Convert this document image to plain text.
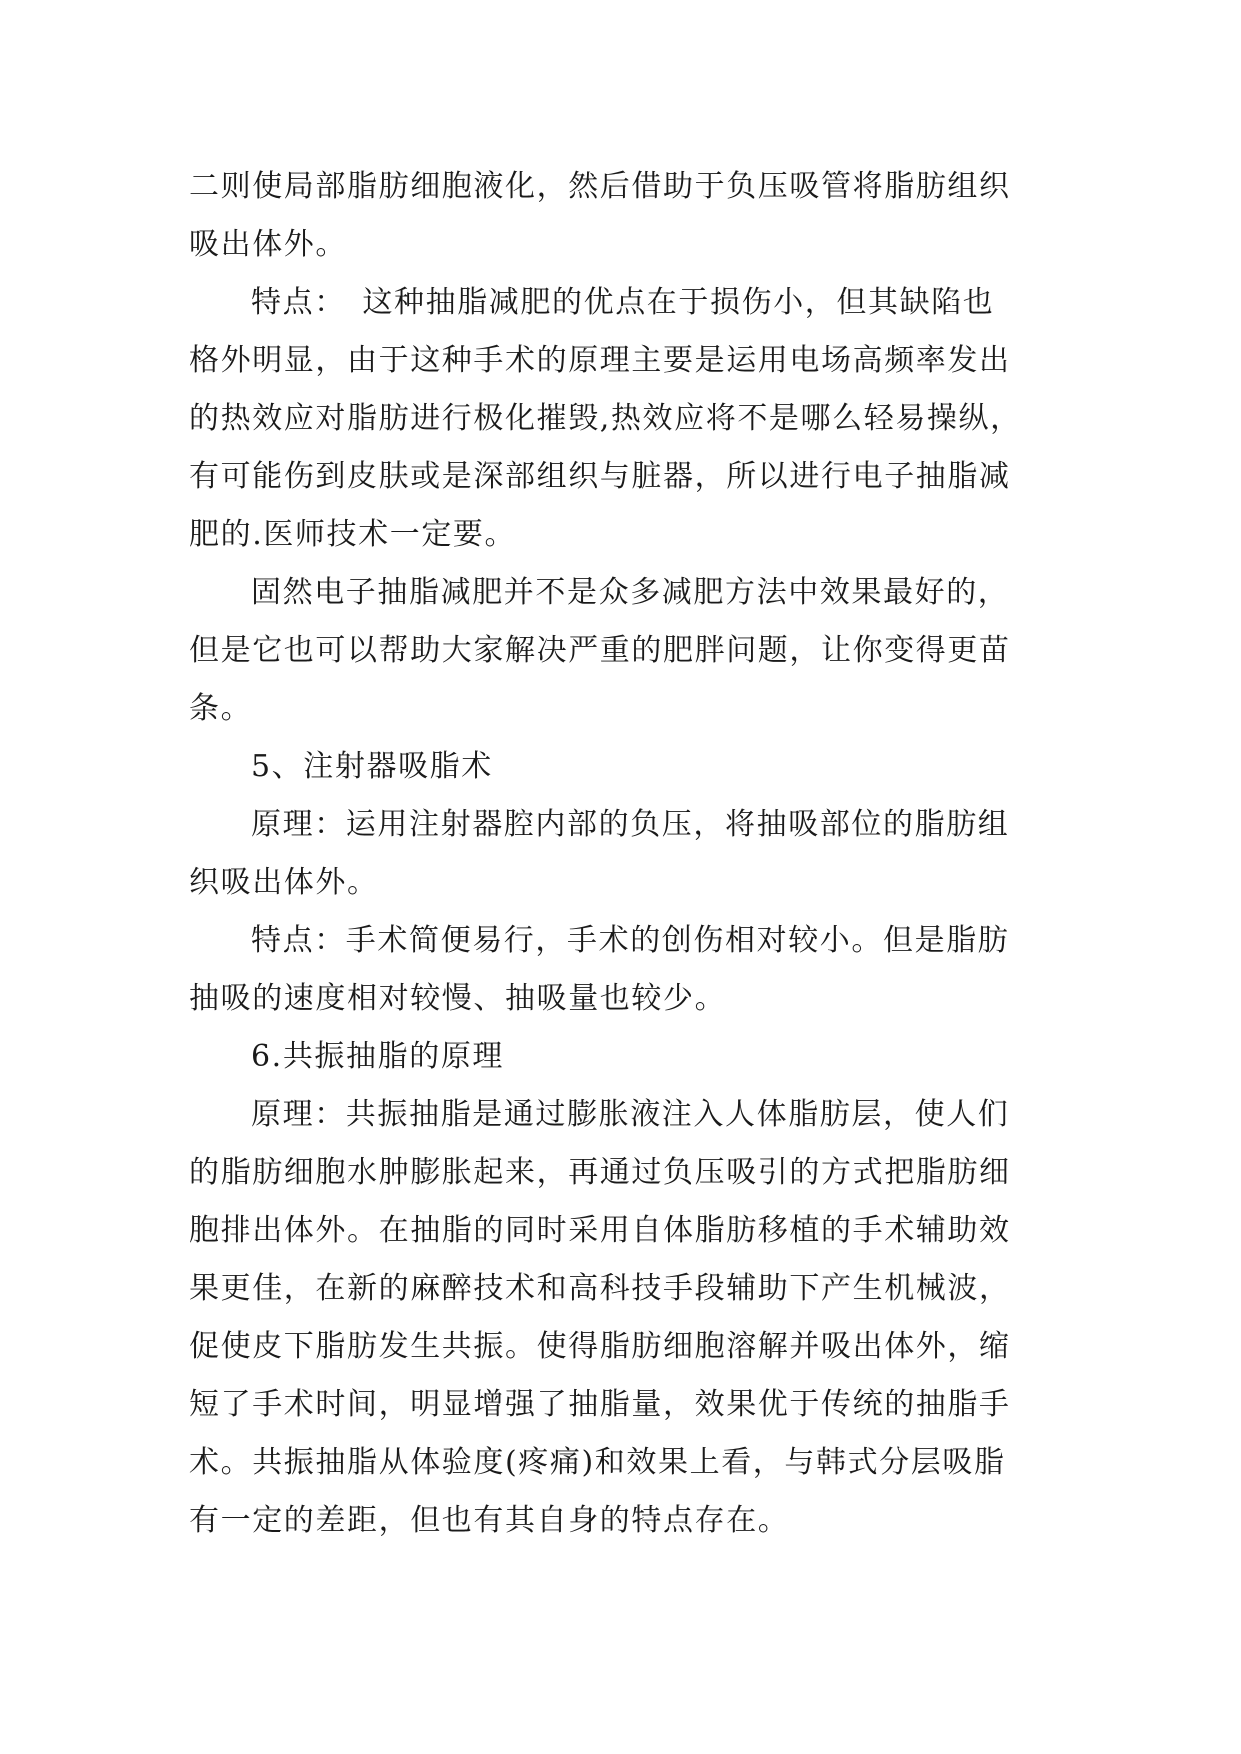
二则使局部脂肪细胞液化，然后借助于负压吸管将脂肪组织
吸出体外。

特点：　这种抽脂减肥的优点在于损伤小，但其缺陷也
格外明显，由于这种手术的原理主要是运用电场高频率发出
的热效应对脂肪进行极化摧毁,热效应将不是哪么轻易操纵，
有可能伤到皮肤或是深部组织与脏器，所以进行电子抽脂减
肥的.医师技术一定要。

固然电子抽脂减肥并不是众多减肥方法中效果最好的，
但是它也可以帮助大家解决严重的肥胖问题，让你变得更苗
条。

5、注射器吸脂术

原理：运用注射器腔内部的负压，将抽吸部位的脂肪组
织吸出体外。

特点：手术简便易行，手术的创伤相对较小。但是脂肪
抽吸的速度相对较慢、抽吸量也较少。

6.共振抽脂的原理

原理：共振抽脂是通过膨胀液注入人体脂肪层，使人们
的脂肪细胞水肿膨胀起来，再通过负压吸引的方式把脂肪细
胞排出体外。在抽脂的同时采用自体脂肪移植的手术辅助效
果更佳，在新的麻醉技术和高科技手段辅助下产生机械波，
促使皮下脂肪发生共振。使得脂肪细胞溶解并吸出体外，缩
短了手术时间，明显增强了抽脂量，效果优于传统的抽脂手
术。共振抽脂从体验度(疼痛)和效果上看，与韩式分层吸脂
有一定的差距，但也有其自身的特点存在。
